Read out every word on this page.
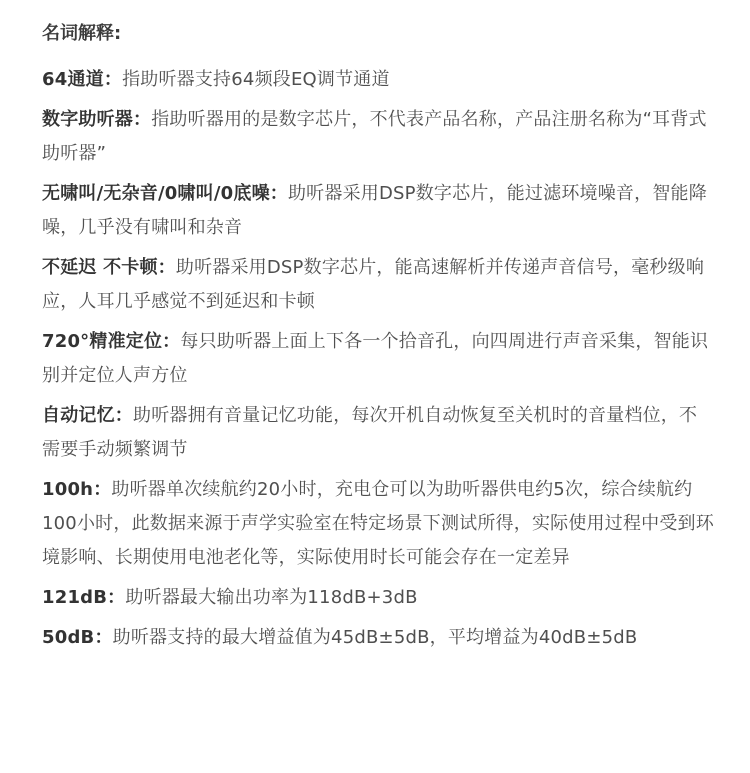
名词解释:
64通道：指助听器支持64频段EQ调节通道
数字助听器：指助听器用的是数字芯片，不代表产品名称，产品注册名称为“耳背式助听器”
无啸叫/无杂音/0啸叫/0底噪：助听器采用DSP数字芯片，能过滤环境噪音，智能降噪，几乎没有啸叫和杂音
不延迟 不卡顿：助听器采用DSP数字芯片，能高速解析并传递声音信号，毫秒级响应，人耳几乎感觉不到延迟和卡顿
720°精准定位：每只助听器上面上下各一个拾音孔，向四周进行声音采集，智能识别并定位人声方位
自动记忆：助听器拥有音量记忆功能，每次开机自动恢复至关机时的音量档位，不需要手动频繁调节
100h：助听器单次续航约20小时，充电仓可以为助听器供电约5次，综合续航约100小时，此数据来源于声学实验室在特定场景下测试所得，实际使用过程中受到环境影响、长期使用电池老化等，实际使用时长可能会存在一定差异
121dB：助听器最大输出功率为118dB+3dB
50dB：助听器支持的最大增益值为45dB±5dB，平均增益为40dB±5dB
